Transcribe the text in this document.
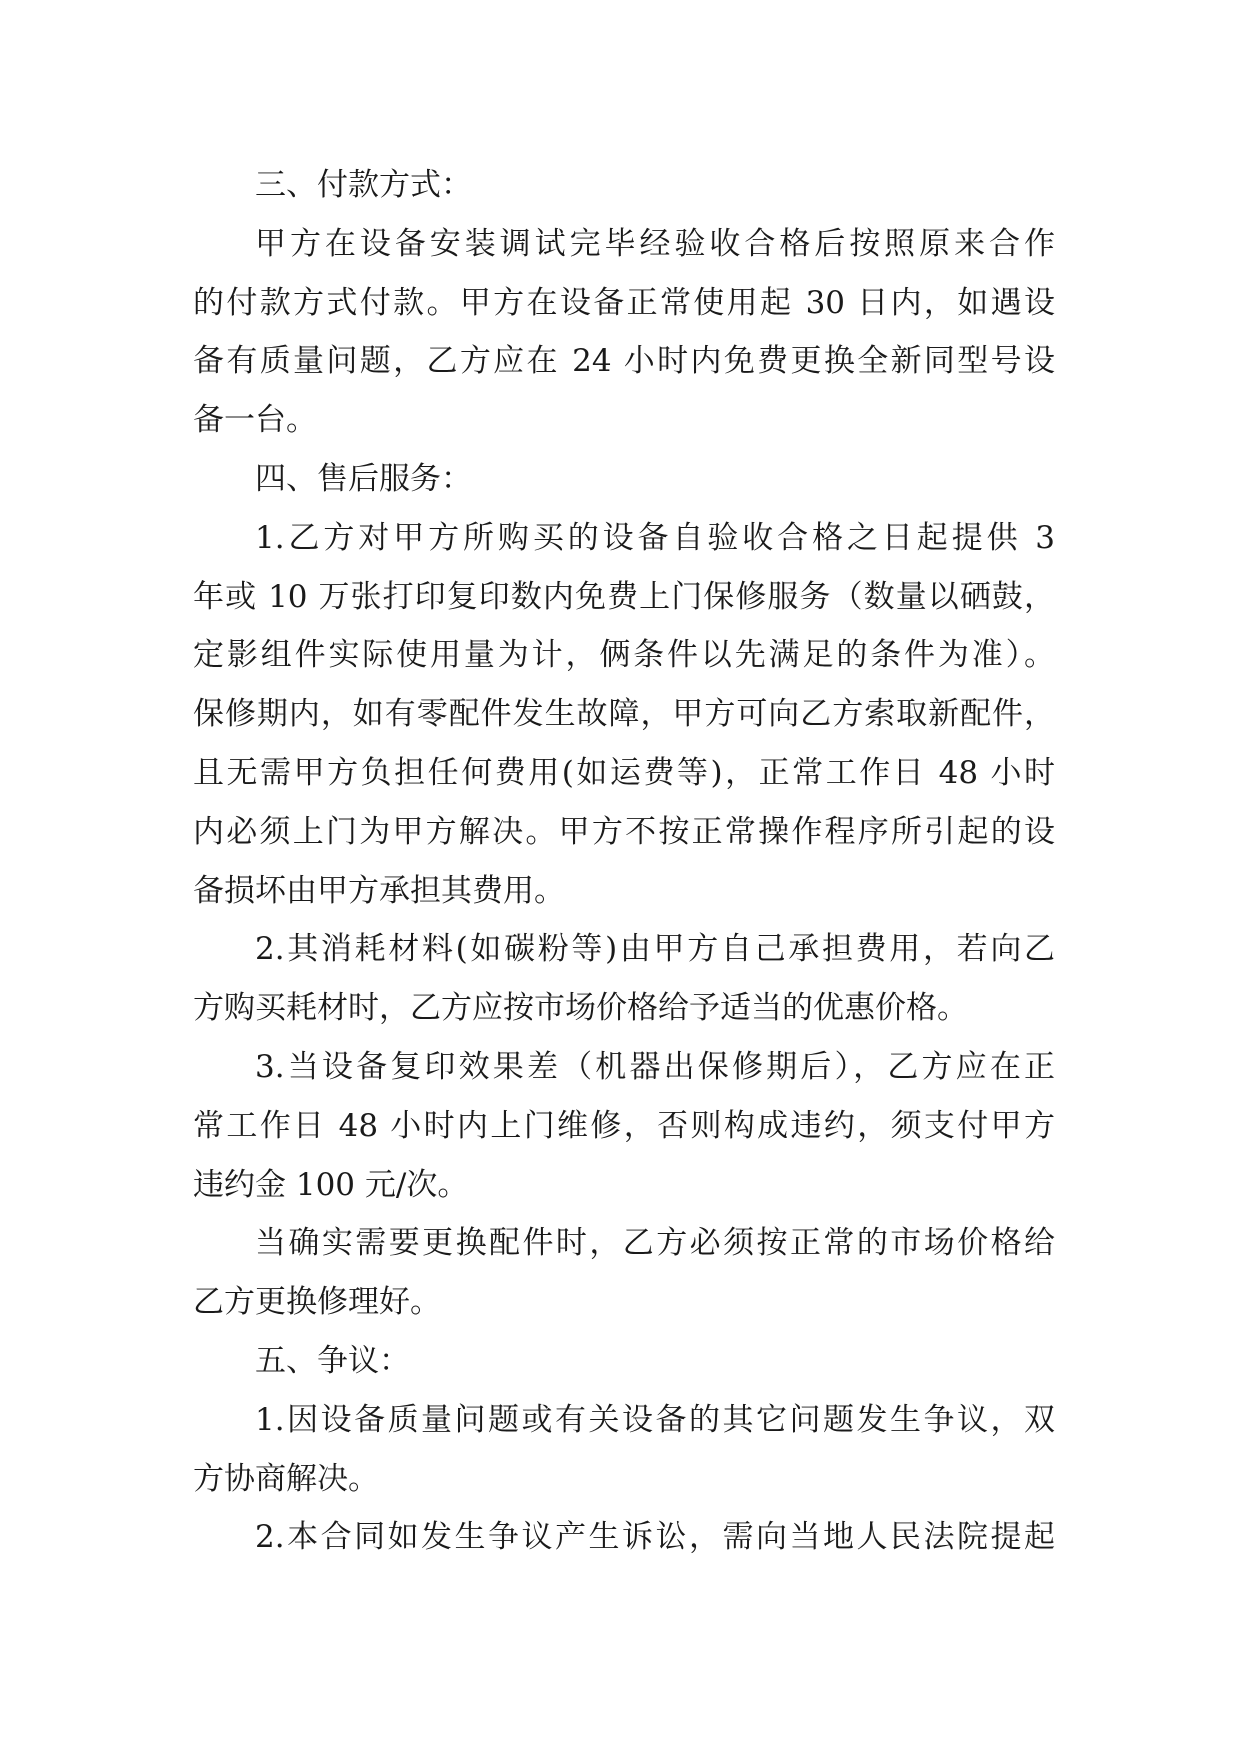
三、付款方式：
甲方在设备安装调试完毕经验收合格后按照原来合作
的付款方式付款。甲方在设备正常使用起 30 日内，如遇设
备有质量问题，乙方应在 24 小时内免费更换全新同型号设
备一台。
四、售后服务：
1.乙方对甲方所购买的设备自验收合格之日起提供 3
年或 10 万张打印复印数内免费上门保修服务（数量以硒鼓，
定影组件实际使用量为计，俩条件以先满足的条件为准）。
保修期内，如有零配件发生故障，甲方可向乙方索取新配件，
且无需甲方负担任何费用(如运费等)，正常工作日 48 小时
内必须上门为甲方解决。甲方不按正常操作程序所引起的设
备损坏由甲方承担其费用。
2.其消耗材料(如碳粉等)由甲方自己承担费用，若向乙
方购买耗材时，乙方应按市场价格给予适当的优惠价格。
3.当设备复印效果差（机器出保修期后），乙方应在正
常工作日 48 小时内上门维修，否则构成违约，须支付甲方
违约金 100 元/次。
当确实需要更换配件时，乙方必须按正常的市场价格给
乙方更换修理好。
五、争议：
1.因设备质量问题或有关设备的其它问题发生争议，双
方协商解决。
2.本合同如发生争议产生诉讼，需向当地人民法院提起
